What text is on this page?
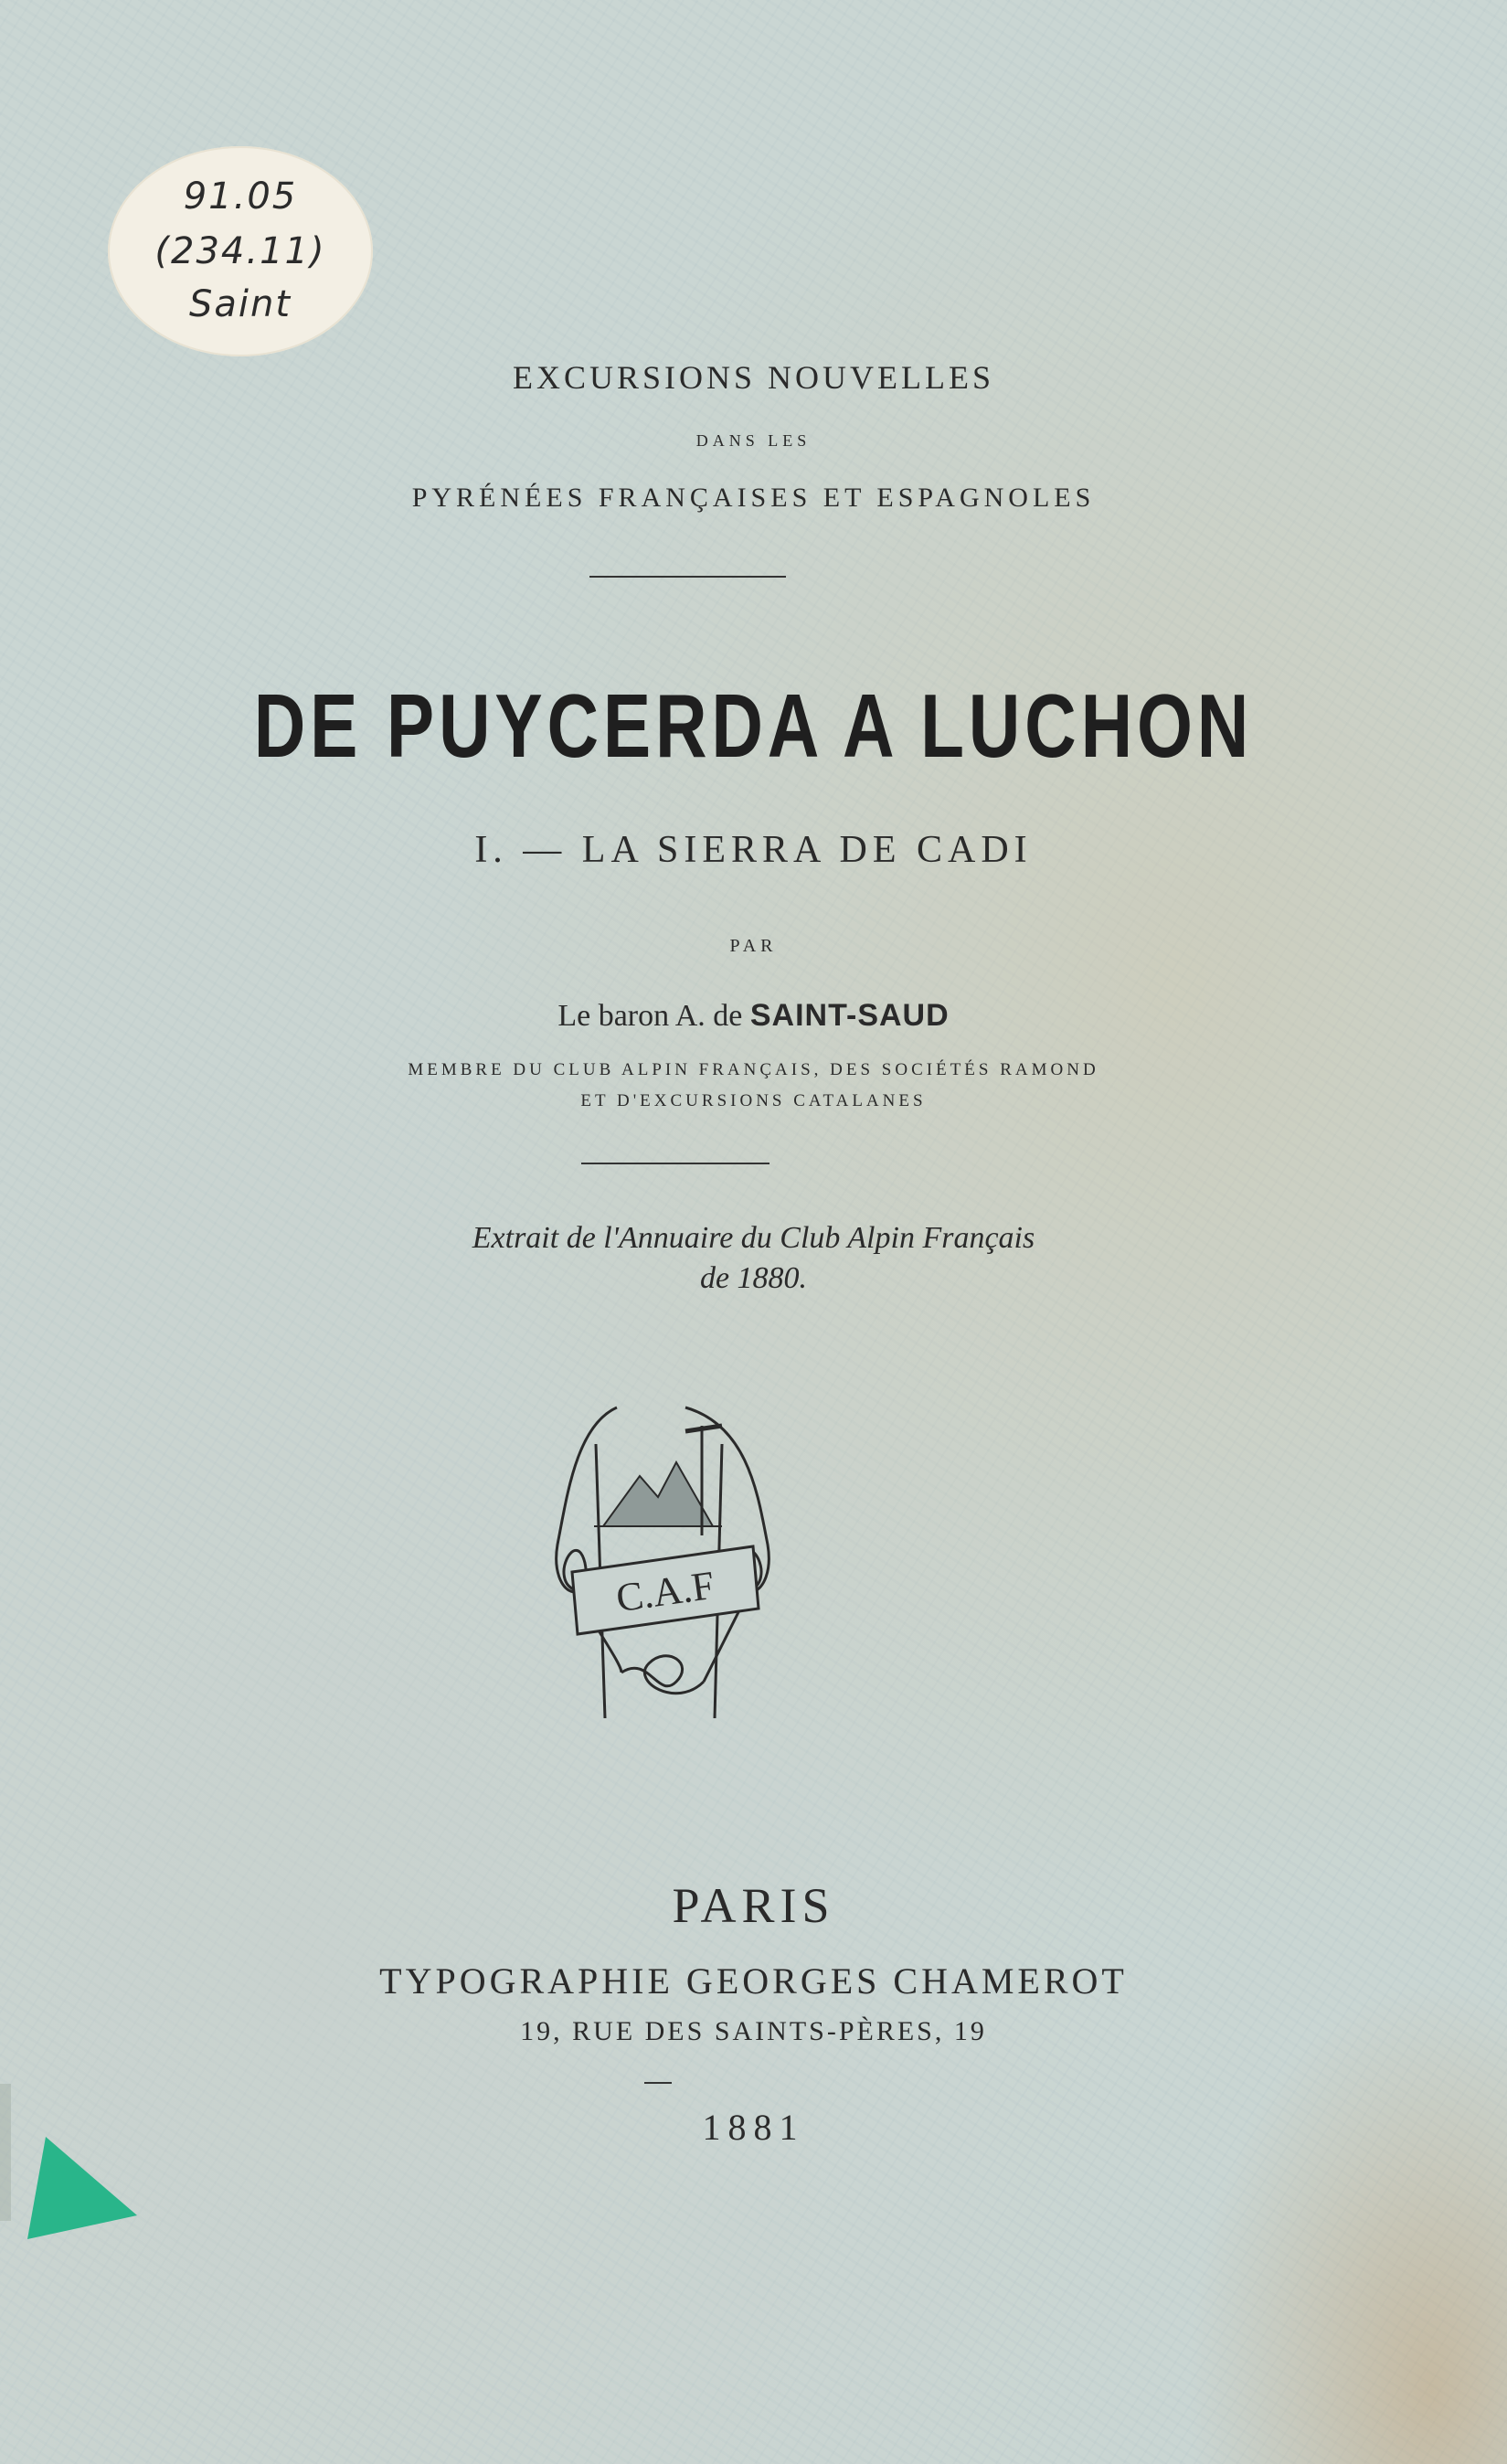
91.05
(234.11)
Saint
EXCURSIONS NOUVELLES
DANS LES
PYRÉNÉES FRANÇAISES ET ESPAGNOLES
DE PUYCERDA A LUCHON
I. — LA SIERRA DE CADI
PAR
Le baron A. de SAINT-SAUD
MEMBRE DU CLUB ALPIN FRANÇAIS, DES SOCIÉTÉS RAMOND
ET D'EXCURSIONS CATALANES
Extrait de l'Annuaire du Club Alpin Français
de 1880.
C.A.F
PARIS
TYPOGRAPHIE GEORGES CHAMEROT
19, RUE DES SAINTS-PÈRES, 19
1881
